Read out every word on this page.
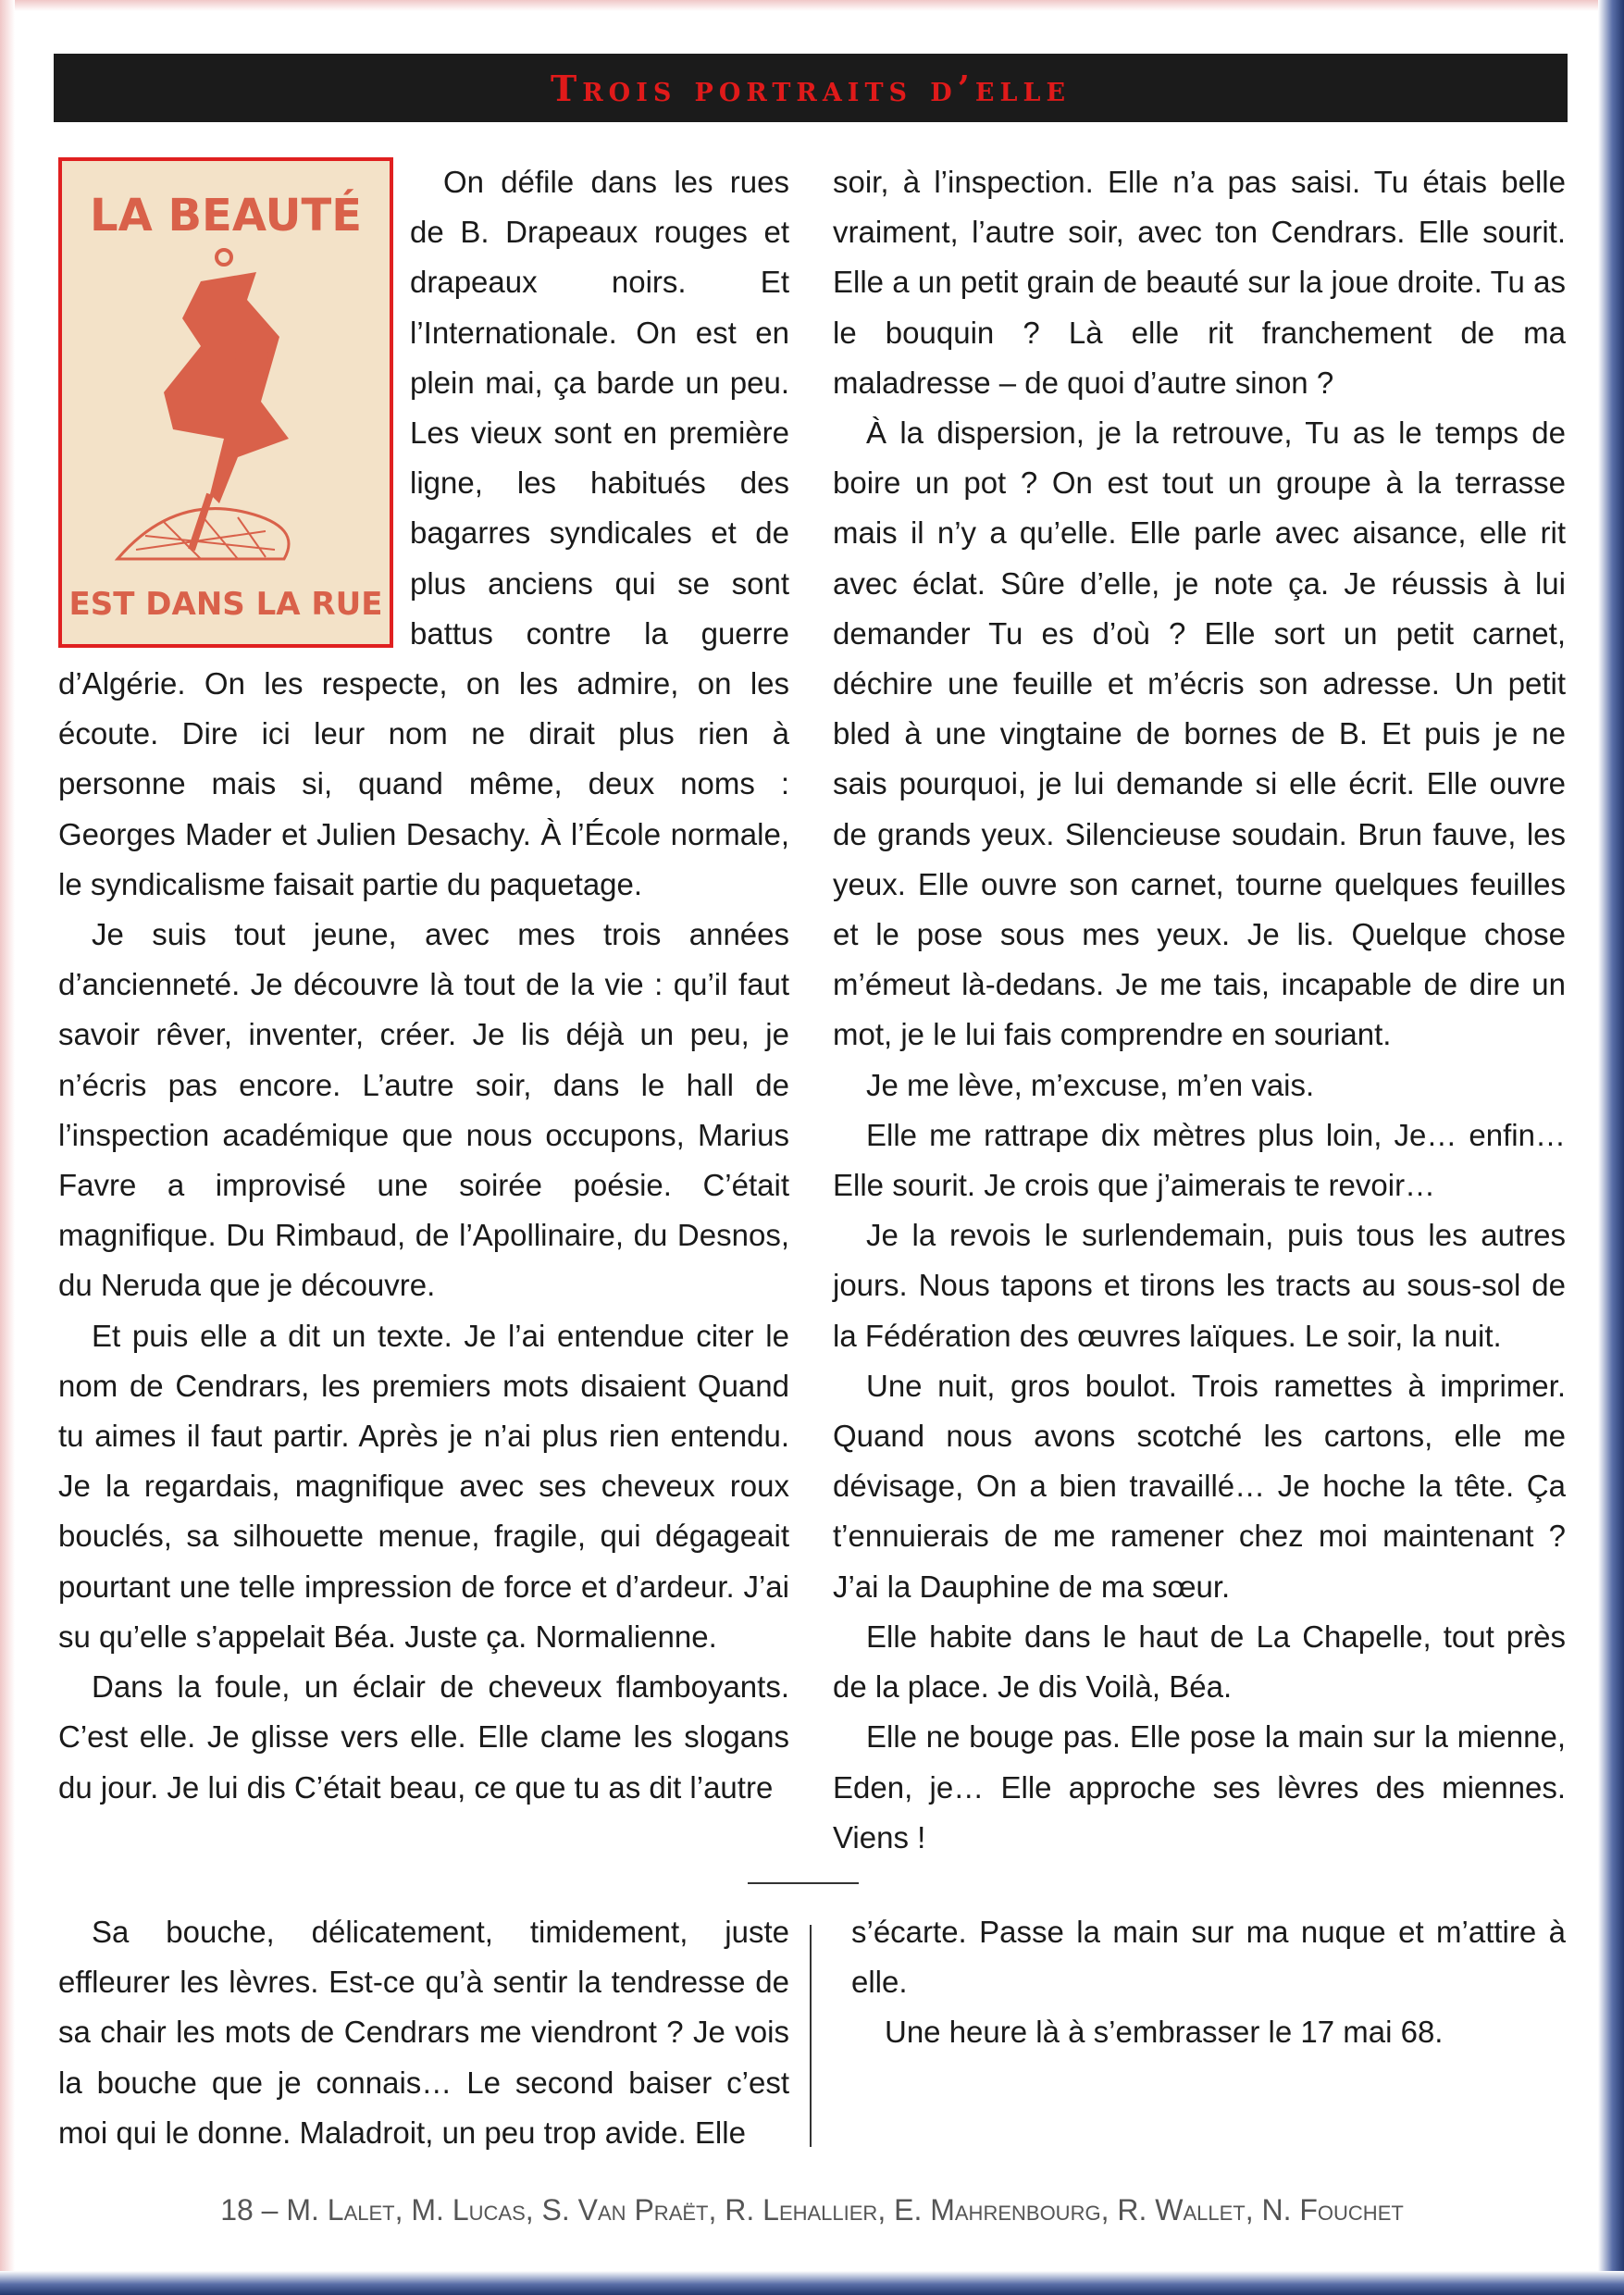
Trois portraits d’elle
LA BEAUTÉ
EST DANS LA RUE

On défile dans les rues de B. Drapeaux rouges et drapeaux noirs. Et l’Internationale. On est en plein mai, ça barde un peu. Les vieux sont en première ligne, les habitués des bagarres syndicales et de plus anciens qui se sont battus contre la guerre d’Algérie. On les respecte, on les admire, on les écoute. Dire ici leur nom ne dirait plus rien à personne mais si, quand même, deux noms : Georges Mader et Julien Desachy. À l’École normale, le syndicalisme faisait partie du paquetage.

Je suis tout jeune, avec mes trois années d’ancienneté. Je découvre là tout de la vie : qu’il faut savoir rêver, inventer, créer. Je lis déjà un peu, je n’écris pas encore. L’autre soir, dans le hall de l’inspection académique que nous occupons, Marius Favre a improvisé une soirée poésie. C’était magnifique. Du Rimbaud, de l’Apollinaire, du Desnos, du Neruda que je découvre.

Et puis elle a dit un texte. Je l’ai entendue citer le nom de Cendrars, les premiers mots disaient Quand tu aimes il faut partir. Après je n’ai plus rien entendu. Je la regardais, magnifique avec ses cheveux roux bouclés, sa silhouette menue, fragile, qui dégageait pourtant une telle impression de force et d’ardeur. J’ai su qu’elle s’appelait Béa. Juste ça. Normalienne.

Dans la foule, un éclair de cheveux flamboyants. C’est elle. Je glisse vers elle. Elle clame les slogans du jour. Je lui dis C’était beau, ce que tu as dit l’autre

soir, à l’inspection. Elle n’a pas saisi. Tu étais belle vraiment, l’autre soir, avec ton Cendrars. Elle sourit. Elle a un petit grain de beauté sur la joue droite. Tu as le bouquin ? Là elle rit franchement de ma maladresse – de quoi d’autre sinon ?

À la dispersion, je la retrouve, Tu as le temps de boire un pot ? On est tout un groupe à la terrasse mais il n’y a qu’elle. Elle parle avec aisance, elle rit avec éclat. Sûre d’elle, je note ça. Je réussis à lui demander Tu es d’où ? Elle sort un petit carnet, déchire une feuille et m’écris son adresse. Un petit bled à une vingtaine de bornes de B. Et puis je ne sais pourquoi, je lui demande si elle écrit. Elle ouvre de grands yeux. Silencieuse soudain. Brun fauve, les yeux. Elle ouvre son carnet, tourne quelques feuilles et le pose sous mes yeux. Je lis. Quelque chose m’émeut là-dedans. Je me tais, incapable de dire un mot, je le lui fais comprendre en souriant.

Je me lève, m’excuse, m’en vais.

Elle me rattrape dix mètres plus loin, Je… enfin… Elle sourit. Je crois que j’aimerais te revoir…

Je la revois le surlendemain, puis tous les autres jours. Nous tapons et tirons les tracts au sous-sol de la Fédération des œuvres laïques. Le soir, la nuit.

Une nuit, gros boulot. Trois ramettes à imprimer. Quand nous avons scotché les cartons, elle me dévisage, On a bien travaillé… Je hoche la tête. Ça t’ennuierais de me ramener chez moi maintenant ? J’ai la Dauphine de ma sœur.

Elle habite dans le haut de La Chapelle, tout près de la place. Je dis Voilà, Béa.

Elle ne bouge pas. Elle pose la main sur la mienne, Eden, je… Elle approche ses lèvres des miennes. Viens !

Sa bouche, délicatement, timidement, juste effleurer les lèvres. Est-ce qu’à sentir la tendresse de sa chair les mots de Cendrars me viendront ? Je vois la bouche que je connais… Le second baiser c’est moi qui le donne. Maladroit, un peu trop avide. Elle

s’écarte. Passe la main sur ma nuque et m’attire à elle.

Une heure là à s’embrasser le 17 mai 68.

18 – M. Lalet, M. Lucas, S. Van Praët, R. Lehallier, E. Mahrenbourg, R. Wallet, N. Fouchet
